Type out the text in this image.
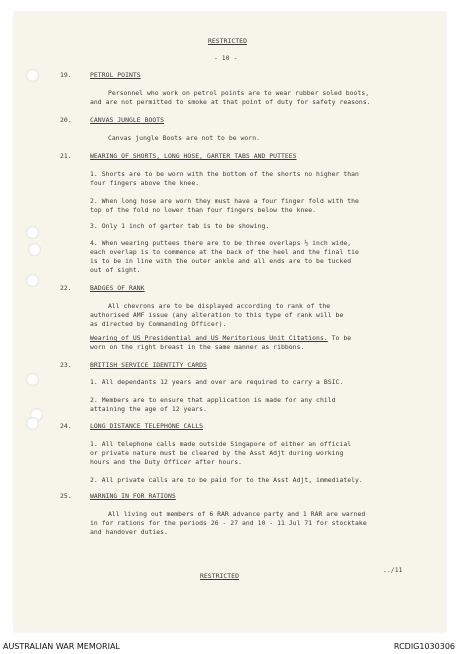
RESTRICTED
- 10 -
19.	PETROL POINTS
Personnel who work on petrol points are to wear rubber soled boots,
and are not permitted to smoke at that point of duty for safety reasons.
20.	CANVAS JUNGLE BOOTS
Canvas jungle Boots are not to be worn.
21.	WEARING OF SHORTS, LONG HOSE, GARTER TABS AND PUTTEES
1. Shorts are to be worn with the bottom of the shorts no higher than
four fingers above the knee.
2. When long hose are worn they must have a four finger fold with the
top of the fold no lower than four fingers below the knee.
3. Only 1 inch of garter tab is to be showing.
4. When wearing puttees there are to be three overlaps ½ inch wide,
each overlap is to commence at the back of the heel and the final tie
is to be in line with the outer ankle and all ends are to be tucked
out of sight.
22.	BADGES OF RANK
All chevrons are to be displayed according to rank of the
authorised AMF issue (any alteration to this type of rank will be
as directed by Commanding Officer).
Wearing of US Presidential and US Meritorious Unit Citations. To be
worn on the right breast in the same manner as ribbons.
23.	BRITISH SERVICE IDENTITY CARDS
1. All dependants 12 years and over are required to carry a BSIC.
2. Members are to ensure that application is made for any child
attaining the age of 12 years.
24.	LONG DISTANCE TELEPHONE CALLS
1. All telephone calls made outside Singapore of either an official
or private nature must be cleared by the Asst Adjt during working
hours and the Duty Officer after hours.
2. All private calls are to be paid for to the Asst Adjt, immediately.
25.	WARNING IN FOR RATIONS
All living out members of 6 RAR advance party and 1 RAR are warned
in for rations for the periods 26 - 27 and 10 - 11 Jul 71 for stocktake
and handover duties.
../11
RESTRICTED
AUSTRALIAN WAR MEMORIAL	RCDIG1030306
